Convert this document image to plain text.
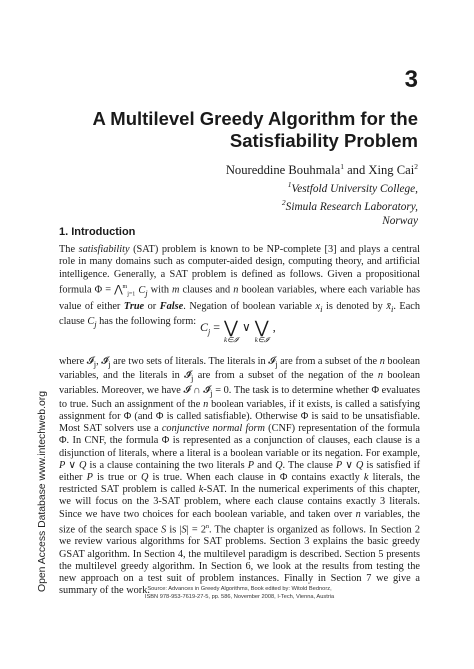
3
A Multilevel Greedy Algorithm for the Satisfiability Problem
Noureddine Bouhmala$^1$ and Xing Cai$^2$
$^1$Vestfold University College,
$^2$Simula Research Laboratory,
Norway
1. Introduction
The satisfiability (SAT) problem is known to be NP-complete [3] and plays a central role in many domains such as computer-aided design, computing theory, and artificial intelligence. Generally, a SAT problem is defined as follows. Given a propositional formula Φ = ⋀$^m_{j=1}$ $C_j$ with m clauses and n boolean variables, where each variable has value of either True or False. Negation of boolean variable $x_i$ is denoted by $x̄_i$. Each clause $C_j$ has the following form: $C_j$ = ⋁
k∈𝓘
∨ ⋁
k∈𝓘
,
where 𝓘$_j$, $𝓘̄_j$ are two sets of literals. The literals in 𝓘$_j$ are from a subset of the n boolean variables, and the literals in $𝓘̄_j$ are from a subset of the negation of the n boolean variables. Moreover, we have 𝓘 ∩ $𝓘̄_j = 0$. The task is to determine whether Φ evaluates to true. Such an assignment of the n boolean variables, if it exists, is called a satisfying assignment for Φ (and Φ is called satisfiable). Otherwise Φ is said to be unsatisfiable. Most SAT solvers use a conjunctive normal form (CNF) representation of the formula Φ. In CNF, the formula Φ is represented as a conjunction of clauses, each clause is a disjunction of literals, where a literal is a boolean variable or its negation. For example, P ∨ Q is a clause containing the two literals P and Q. The clause P ∨ Q is satisfied if either P is true or Q is true. When each clause in Φ contains exactly k literals, the restricted SAT problem is called k-SAT. In the numerical experiments of this chapter, we will focus on the 3-SAT problem, where each clause contains exactly 3 literals. Since we have two choices for each boolean variable, and taken over n variables, the size of the search space S is $|S| = 2^n$. The chapter is organized as follows. In Section 2 we review various algorithms for SAT problems. Section 3 explains the basic greedy GSAT algorithm. In Section 4, the multilevel paradigm is described. Section 5 presents the multilevel greedy algorithm. In Section 6, we look at the results from testing the new approach on a test suit of problem instances. Finally in Section 7 we give a summary of the work.
Open Access Database www.intechweb.org	Source: Advances in Greedy Algorithms, Book edited by: Witold Bednorz,
ISBN 978-953-7619-27-5, pp. 586, November 2008, I-Tech, Vienna, Austria
